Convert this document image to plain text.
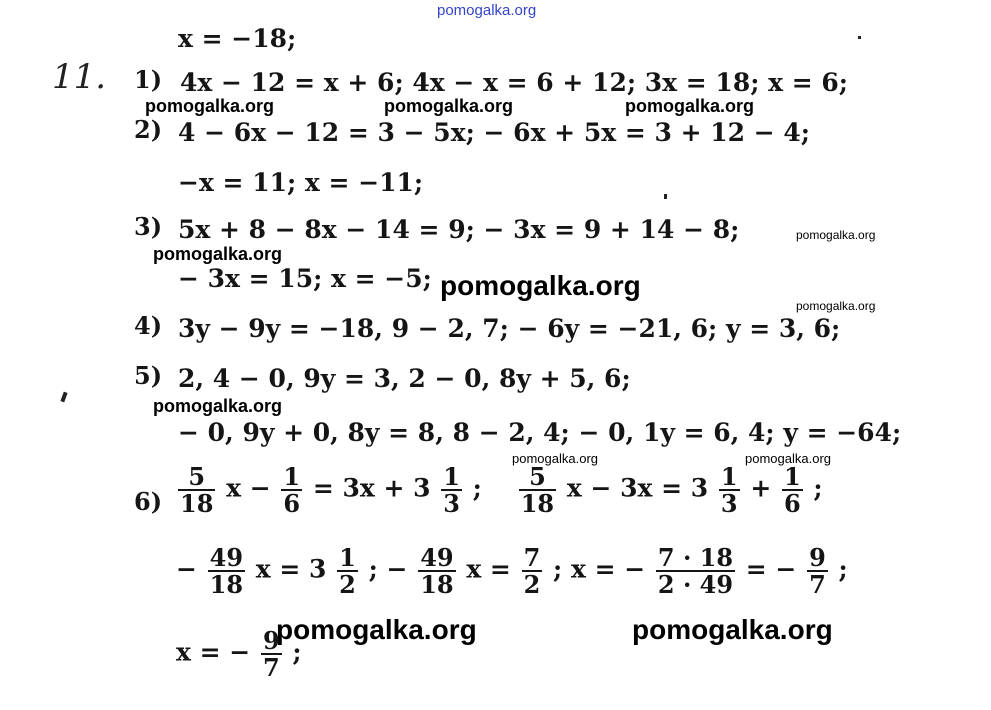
pomogalka.org
x = −18;
11. 1) 4x − 12 = x + 6; 4x − x = 6 + 12; 3x = 18; x = 6;
pomogalka.org	pomogalka.org	pomogalka.org
2) 4 − 6x − 12 = 3 − 5x; − 6x + 5x = 3 + 12 − 4;
−x = 11; x = −11;
3) 5x + 8 − 8x − 14 = 9; − 3x = 9 + 14 − 8;	pomogalka.org
pomogalka.org
− 3x = 15; x = −5; pomogalka.org
pomogalka.org
4) 3y − 9y = −18, 9 − 2, 7; − 6y = −21, 6; y = 3, 6;
5) 2, 4 − 0, 9y = 3, 2 − 0, 8y + 5, 6;
pomogalka.org
− 0, 9y + 0, 8y = 8, 8 − 2, 4; − 0, 1y = 6, 4; y = −64;
pomogalka.org	pomogalka.org
$6) \frac{5}{18}$ $x - \frac{1}{6} = 3x + 3 \frac{1}{3}$ ; $\frac{5}{18}$ $x - 3x = 3 \frac{1}{3} + \frac{1}{6}$ ;
− $\frac{49}{18}$ $x = 3 \frac{1}{2}$ ; − $\frac{49}{18}$ $x = \frac{7}{2}$ ; x = − $\frac{7 \cdot 18}{2 \cdot 49}$ = − $\frac{9}{7}$ ;
pomogalka.org	pomogalka.org
x = − $\frac{9}{7}$ ;
